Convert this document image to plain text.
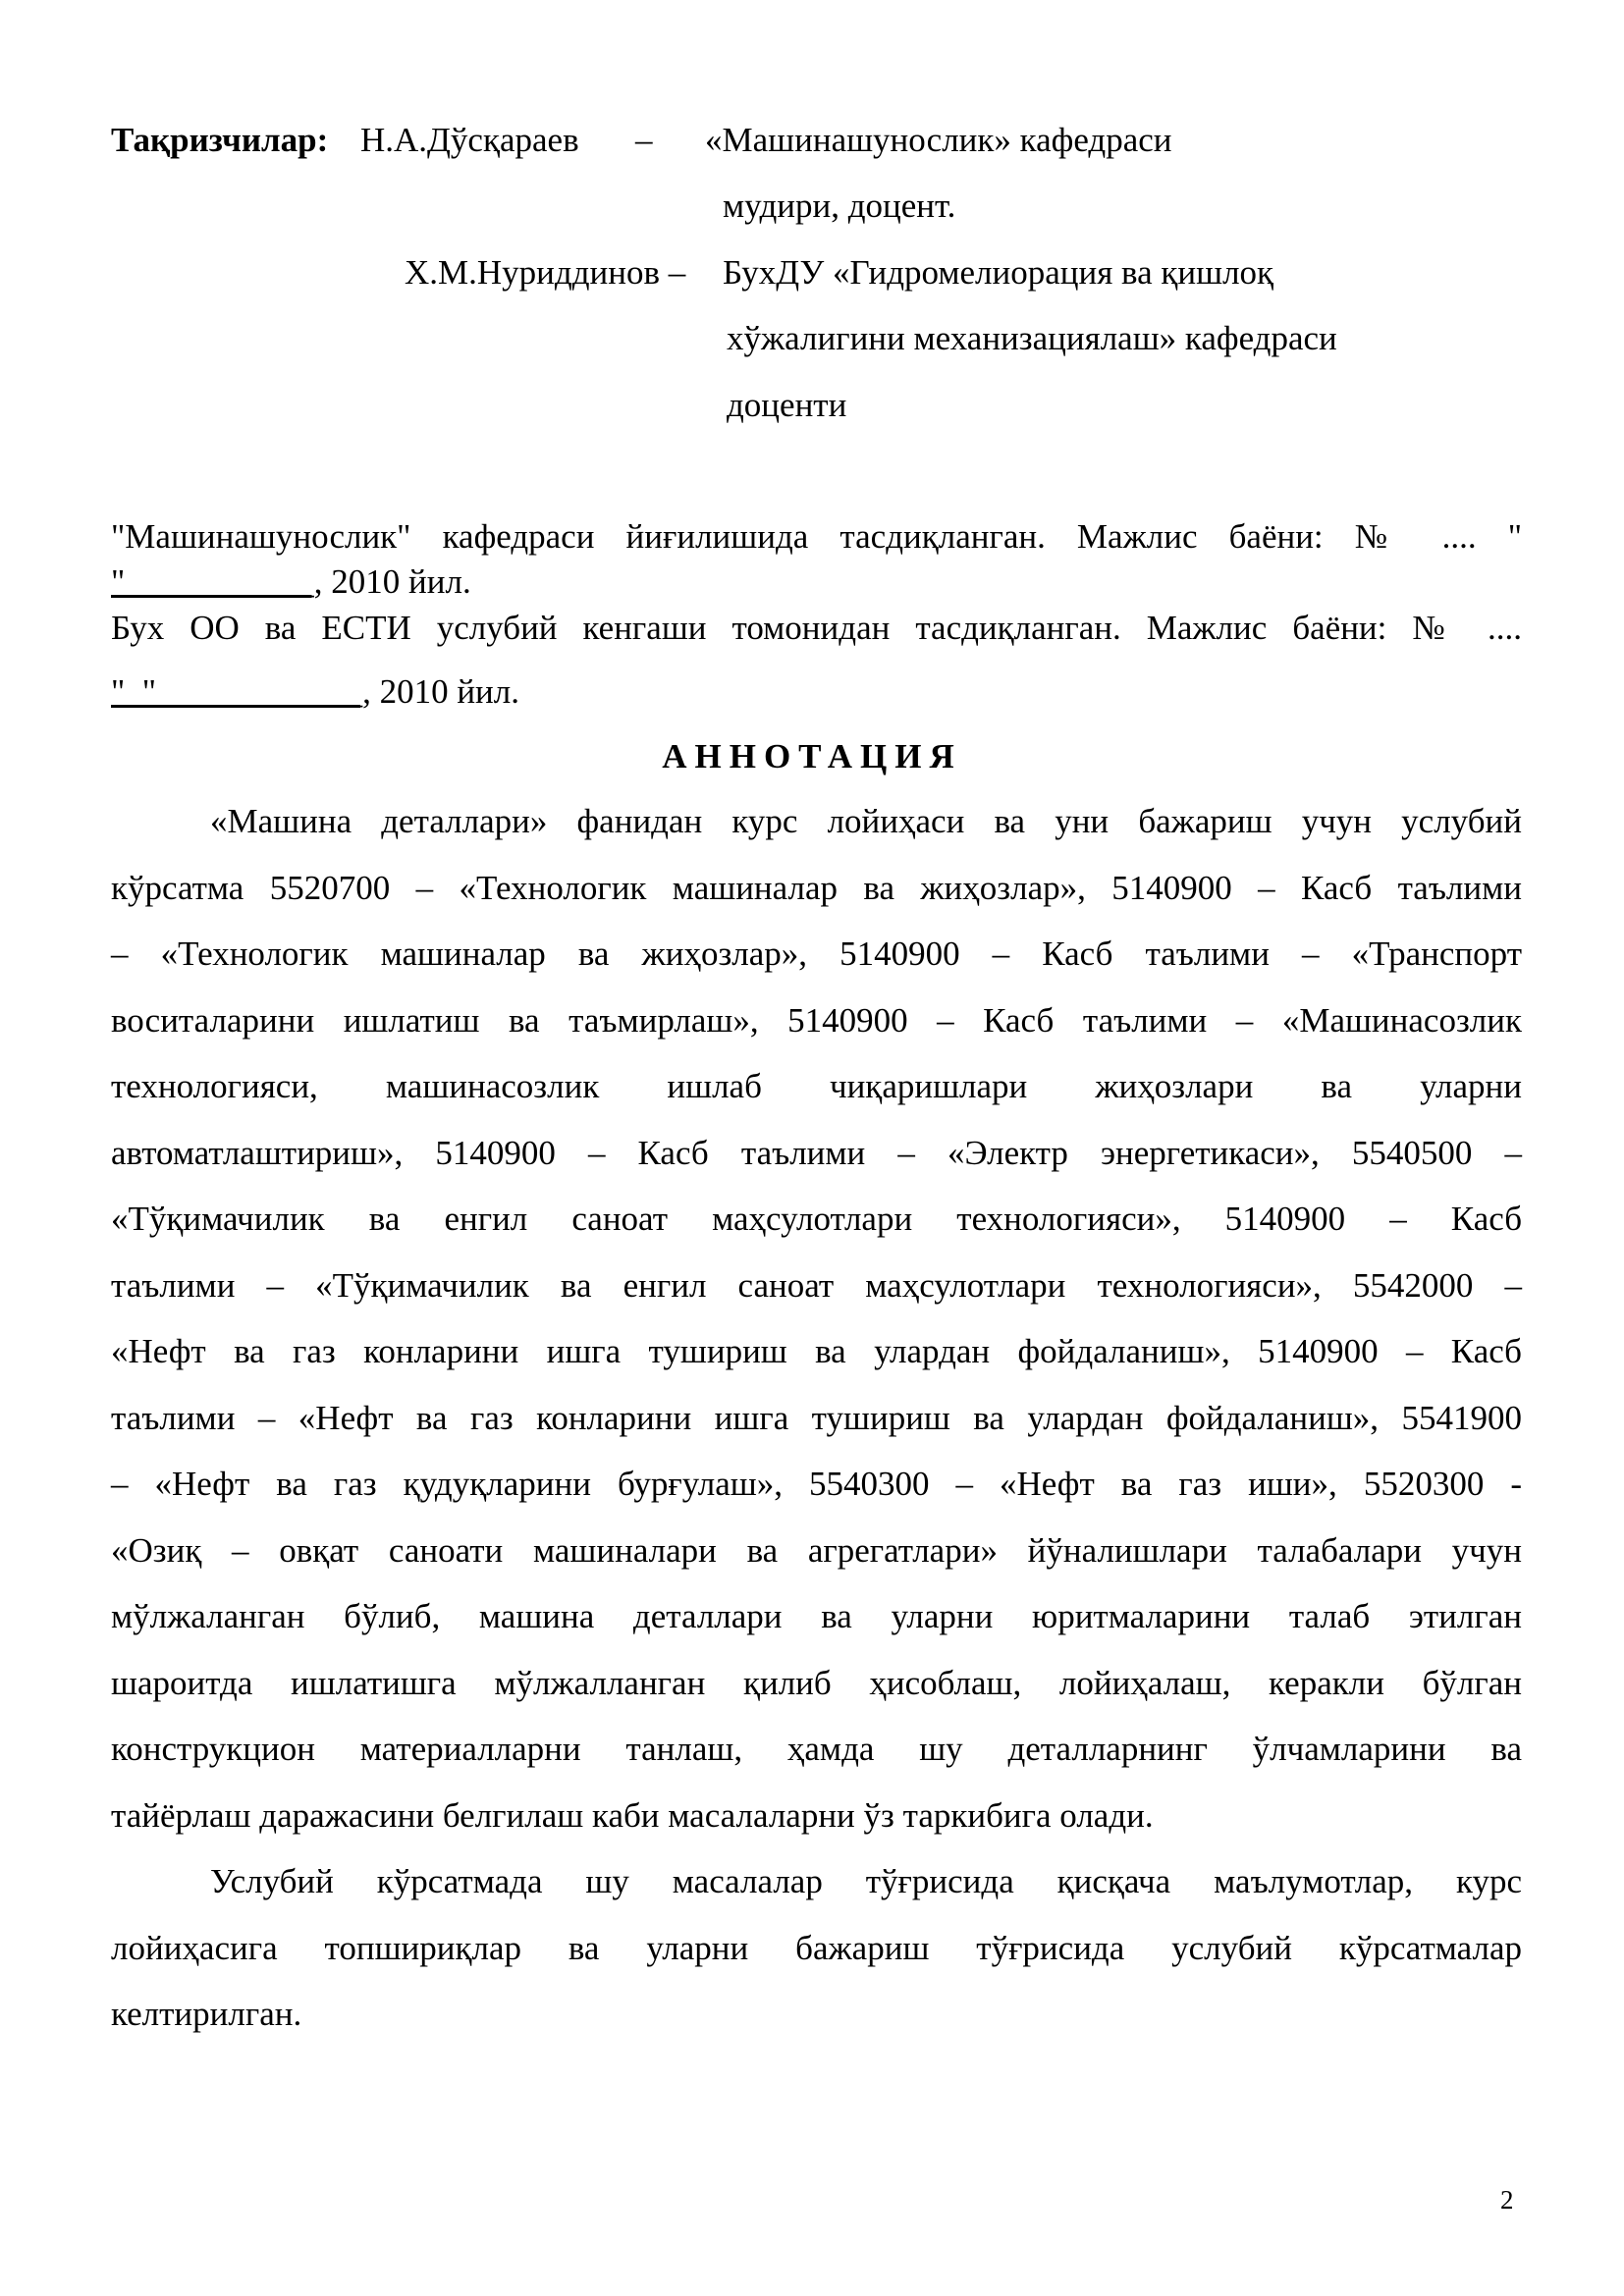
Тақризчилар: Н.А.Дўсқараев – «Машинашунослик» кафедраси
мудири, доцент.
Х.М.Нуриддинов – БухДУ «Гидромелиорация ва қишлоқ
хўжалигини механизациялаш» кафедраси
доценти
"Машинашунослик" кафедраси йиғилишида тасдиқланган. Мажлис баёни: № .... "
"___________, 2010 йил.
Бух ОО ва ЕСТИ услубий кенгаши томонидан тасдиқланган. Мажлис баёни: № ....
"_"____________, 2010 йил.
АННОТАЦИЯ
«Машина деталлари» фанидан курс лойиҳаси ва уни бажариш учун услубий
кўрсатма 5520700 – «Технологик машиналар ва жиҳозлар», 5140900 – Касб таълими
– «Технологик машиналар ва жиҳозлар», 5140900 – Касб таълими – «Транспорт
воситаларини ишлатиш ва таъмирлаш», 5140900 – Касб таълими – «Машинасозлик
технологияси, машинасозлик ишлаб чиқаришлари жиҳозлари ва уларни
автоматлаштириш», 5140900 – Касб таълими – «Электр энергетикаси», 5540500 –
«Тўқимачилик ва енгил саноат маҳсулотлари технологияси», 5140900 – Касб
таълими – «Тўқимачилик ва енгил саноат маҳсулотлари технологияси», 5542000 –
«Нефт ва газ конларини ишга тушириш ва улардан фойдаланиш», 5140900 – Касб
таълими – «Нефт ва газ конларини ишга тушириш ва улардан фойдаланиш», 5541900
– «Нефт ва газ қудуқларини бурғулаш», 5540300 – «Нефт ва газ иши», 5520300 -
«Озиқ – овқат саноати машиналари ва агрегатлари» йўналишлари талабалари учун
мўлжаланган бўлиб, машина деталлари ва уларни юритмаларини талаб этилган
шароитда ишлатишга мўлжалланган қилиб ҳисоблаш, лойиҳалаш, керакли бўлган
конструкцион материалларни танлаш, ҳамда шу деталларнинг ўлчамларини ва
тайёрлаш даражасини белгилаш каби масалаларни ўз таркибига олади.
Услубий кўрсатмада шу масалалар тўғрисида қисқача маълумотлар, курс
лойиҳасига топшириқлар ва уларни бажариш тўғрисида услубий кўрсатмалар
келтирилган.
2
